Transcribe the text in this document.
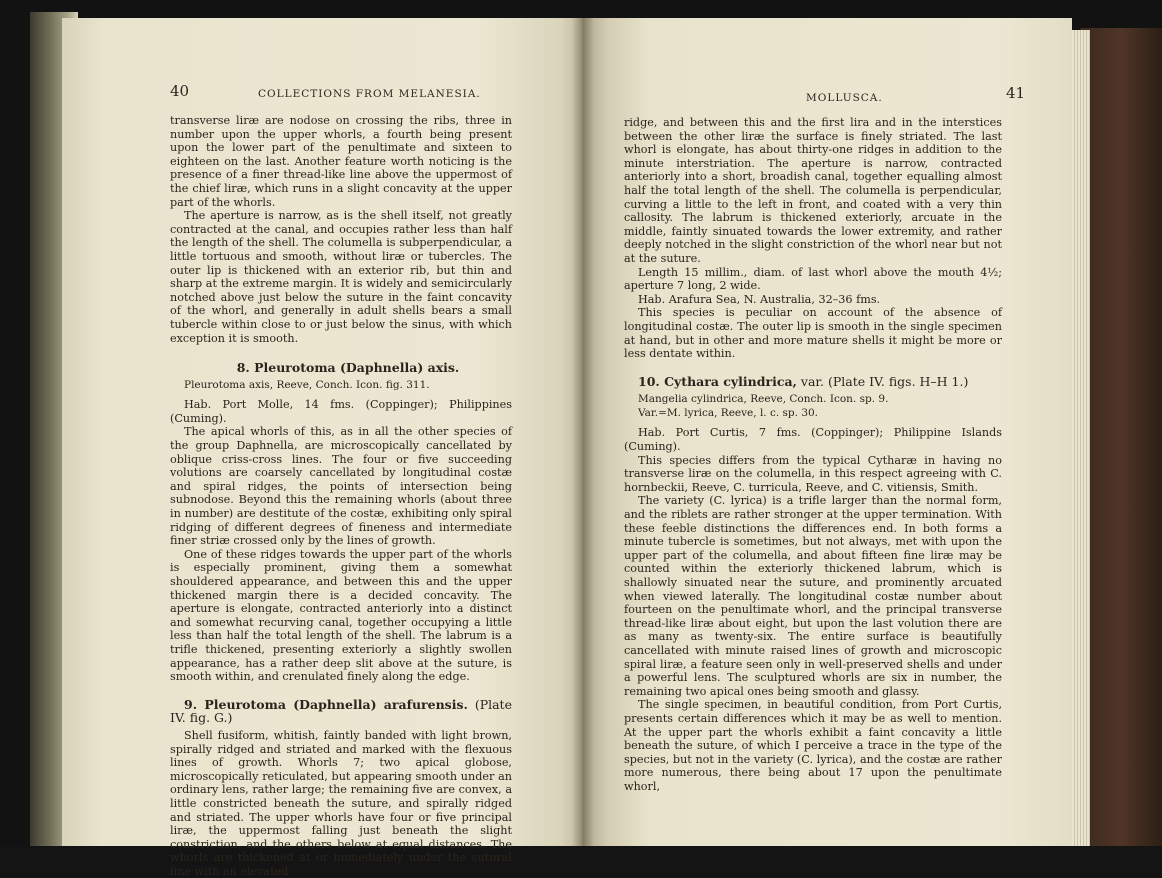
40	COLLECTIONS FROM MELANESIA.

transverse liræ are nodose on crossing the ribs, three in number upon the upper whorls, a fourth being present upon the lower part of the penultimate and sixteen to eighteen on the last. Another feature worth noticing is the presence of a finer thread-like line above the uppermost of the chief liræ, which runs in a slight concavity at the upper part of the whorls.

The aperture is narrow, as is the shell itself, not greatly contracted at the canal, and occupies rather less than half the length of the shell. The columella is subperpendicular, a little tortuous and smooth, without liræ or tubercles. The outer lip is thickened with an exterior rib, but thin and sharp at the extreme margin. It is widely and semicircularly notched above just below the suture in the faint concavity of the whorl, and generally in adult shells bears a small tubercle within close to or just below the sinus, with which exception it is smooth.

8. Pleurotoma (Daphnella) axis.

Pleurotoma axis, Reeve, Conch. Icon. fig. 311.

Hab. Port Molle, 14 fms. (Coppinger); Philippines (Cuming).

The apical whorls of this, as in all the other species of the group Daphnella, are microscopically cancellated by oblique criss-cross lines. The four or five succeeding volutions are coarsely cancellated by longitudinal costæ and spiral ridges, the points of intersection being subnodose. Beyond this the remaining whorls (about three in number) are destitute of the costæ, exhibiting only spiral ridging of different degrees of fineness and intermediate finer striæ crossed only by the lines of growth.

One of these ridges towards the upper part of the whorls is especially prominent, giving them a somewhat shouldered appearance, and between this and the upper thickened margin there is a decided concavity. The aperture is elongate, contracted anteriorly into a distinct and somewhat recurving canal, together occupying a little less than half the total length of the shell. The labrum is a trifle thickened, presenting exteriorly a slightly swollen appearance, has a rather deep slit above at the suture, is smooth within, and crenulated finely along the edge.

9. Pleurotoma (Daphnella) arafurensis. (Plate IV. fig. G.)

Shell fusiform, whitish, faintly banded with light brown, spirally ridged and striated and marked with the flexuous lines of growth. Whorls 7; two apical globose, microscopically reticulated, but appearing smooth under an ordinary lens, rather large; the remaining five are convex, a little constricted beneath the suture, and spirally ridged and striated. The upper whorls have four or five principal liræ, the uppermost falling just beneath the slight constriction, and the others below at equal distances. The whorls are thickened at or immediately under the sutural line with an elevated

MOLLUSCA.	41

ridge, and between this and the first lira and in the interstices between the other liræ the surface is finely striated. The last whorl is elongate, has about thirty-one ridges in addition to the minute interstriation. The aperture is narrow, contracted anteriorly into a short, broadish canal, together equalling almost half the total length of the shell. The columella is perpendicular, curving a little to the left in front, and coated with a very thin callosity. The labrum is thickened exteriorly, arcuate in the middle, faintly sinuated towards the lower extremity, and rather deeply notched in the slight constriction of the whorl near but not at the suture.

Length 15 millim., diam. of last whorl above the mouth 4½; aperture 7 long, 2 wide.

Hab. Arafura Sea, N. Australia, 32–36 fms.

This species is peculiar on account of the absence of longitudinal costæ. The outer lip is smooth in the single specimen at hand, but in other and more mature shells it might be more or less dentate within.

10. Cythara cylindrica, var. (Plate IV. figs. H–H 1.)

Mangelia cylindrica, Reeve, Conch. Icon. sp. 9.

Var.=M. lyrica, Reeve, l. c. sp. 30.

Hab. Port Curtis, 7 fms. (Coppinger); Philippine Islands (Cuming).

This species differs from the typical Cytharæ in having no transverse liræ on the columella, in this respect agreeing with C. hornbeckii, Reeve, C. turricula, Reeve, and C. vitiensis, Smith.

The variety (C. lyrica) is a trifle larger than the normal form, and the riblets are rather stronger at the upper termination. With these feeble distinctions the differences end. In both forms a minute tubercle is sometimes, but not always, met with upon the upper part of the columella, and about fifteen fine liræ may be counted within the exteriorly thickened labrum, which is shallowly sinuated near the suture, and prominently arcuated when viewed laterally. The longitudinal costæ number about fourteen on the penultimate whorl, and the principal transverse thread-like liræ about eight, but upon the last volution there are as many as twenty-six. The entire surface is beautifully cancellated with minute raised lines of growth and microscopic spiral liræ, a feature seen only in well-preserved shells and under a powerful lens. The sculptured whorls are six in number, the remaining two apical ones being smooth and glassy.

The single specimen, in beautiful condition, from Port Curtis, presents certain differences which it may be as well to mention. At the upper part the whorls exhibit a faint concavity a little beneath the suture, of which I perceive a trace in the type of the species, but not in the variety (C. lyrica), and the costæ are rather more numerous, there being about 17 upon the penultimate whorl,
